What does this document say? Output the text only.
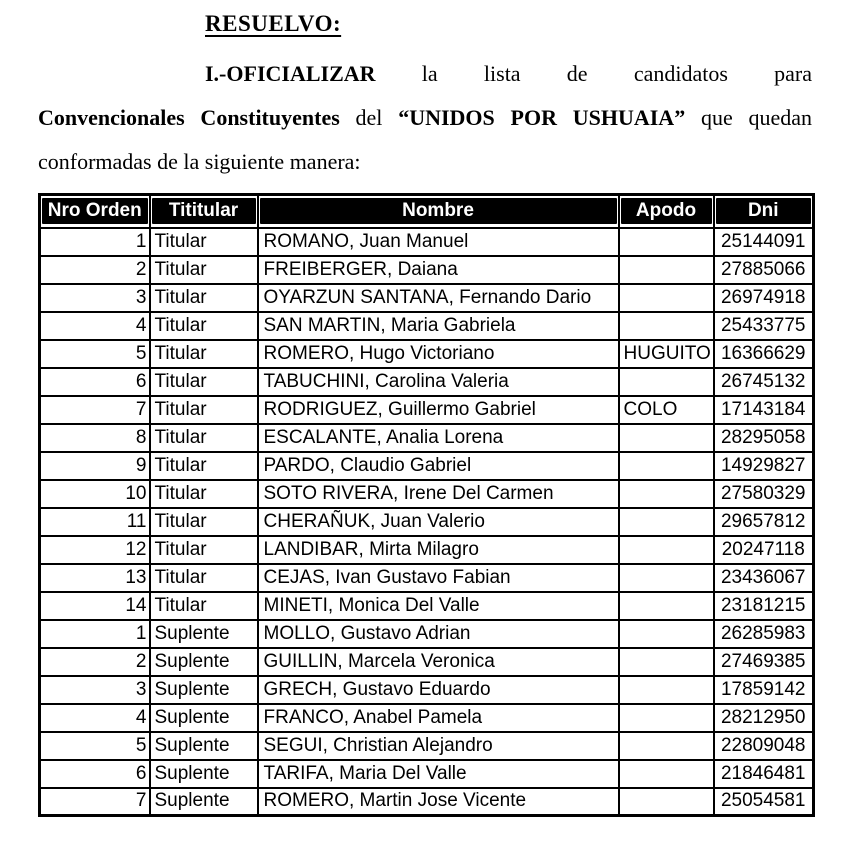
RESUELVO:
I.-OFICIALIZAR la lista de candidatos para
Convencionales Constituyentes del “UNIDOS POR USHUAIA” que quedan
conformadas de la siguiente manera:
Nro Orden	Tititular	Nombre	Apodo	Dni

1	Titular	ROMANO, Juan Manuel		25144091
2	Titular	FREIBERGER, Daiana		27885066
3	Titular	OYARZUN SANTANA, Fernando Dario		26974918
4	Titular	SAN MARTIN, Maria Gabriela		25433775
5	Titular	ROMERO, Hugo Victoriano	HUGUITO	16366629
6	Titular	TABUCHINI, Carolina Valeria		26745132
7	Titular	RODRIGUEZ, Guillermo Gabriel	COLO	17143184
8	Titular	ESCALANTE, Analia Lorena		28295058
9	Titular	PARDO, Claudio Gabriel		14929827
10	Titular	SOTO RIVERA, Irene Del Carmen		27580329
11	Titular	CHERAÑUK, Juan Valerio		29657812
12	Titular	LANDIBAR, Mirta Milagro		20247118
13	Titular	CEJAS, Ivan Gustavo Fabian		23436067
14	Titular	MINETI, Monica Del Valle		23181215
1	Suplente	MOLLO, Gustavo Adrian		26285983
2	Suplente	GUILLIN, Marcela Veronica		27469385
3	Suplente	GRECH, Gustavo Eduardo		17859142
4	Suplente	FRANCO, Anabel Pamela		28212950
5	Suplente	SEGUI, Christian Alejandro		22809048
6	Suplente	TARIFA, Maria Del Valle		21846481
7	Suplente	ROMERO, Martin Jose Vicente		25054581
